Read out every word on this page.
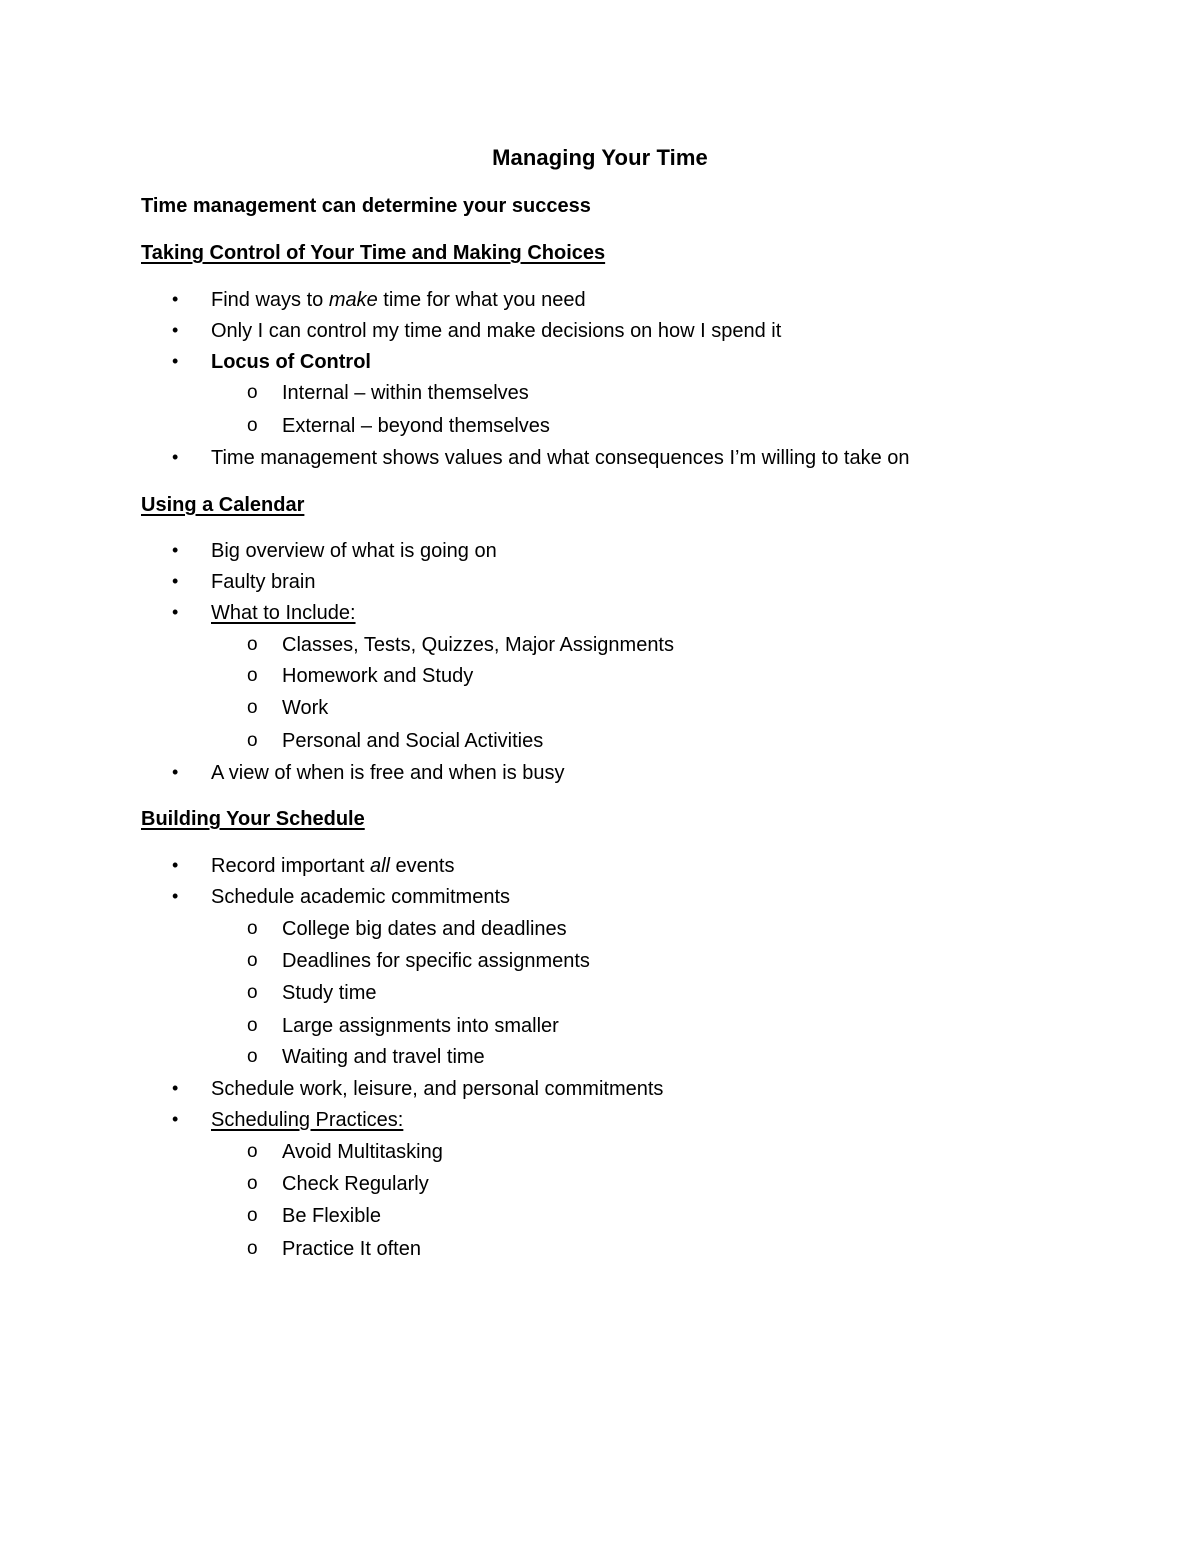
Managing Your Time
Time management can determine your success
Taking Control of Your Time and Making Choices
• Find ways to make time for what you need
• Only I can control my time and make decisions on how I spend it
• Locus of Control
o Internal – within themselves
o External – beyond themselves
• Time management shows values and what consequences I’m willing to take on
Using a Calendar
• Big overview of what is going on
• Faulty brain
• What to Include:
o Classes, Tests, Quizzes, Major Assignments
o Homework and Study
o Work
o Personal and Social Activities
• A view of when is free and when is busy
Building Your Schedule
• Record important all events
• Schedule academic commitments
o College big dates and deadlines
o Deadlines for specific assignments
o Study time
o Large assignments into smaller
o Waiting and travel time
• Schedule work, leisure, and personal commitments
• Scheduling Practices:
o Avoid Multitasking
o Check Regularly
o Be Flexible
o Practice It often
